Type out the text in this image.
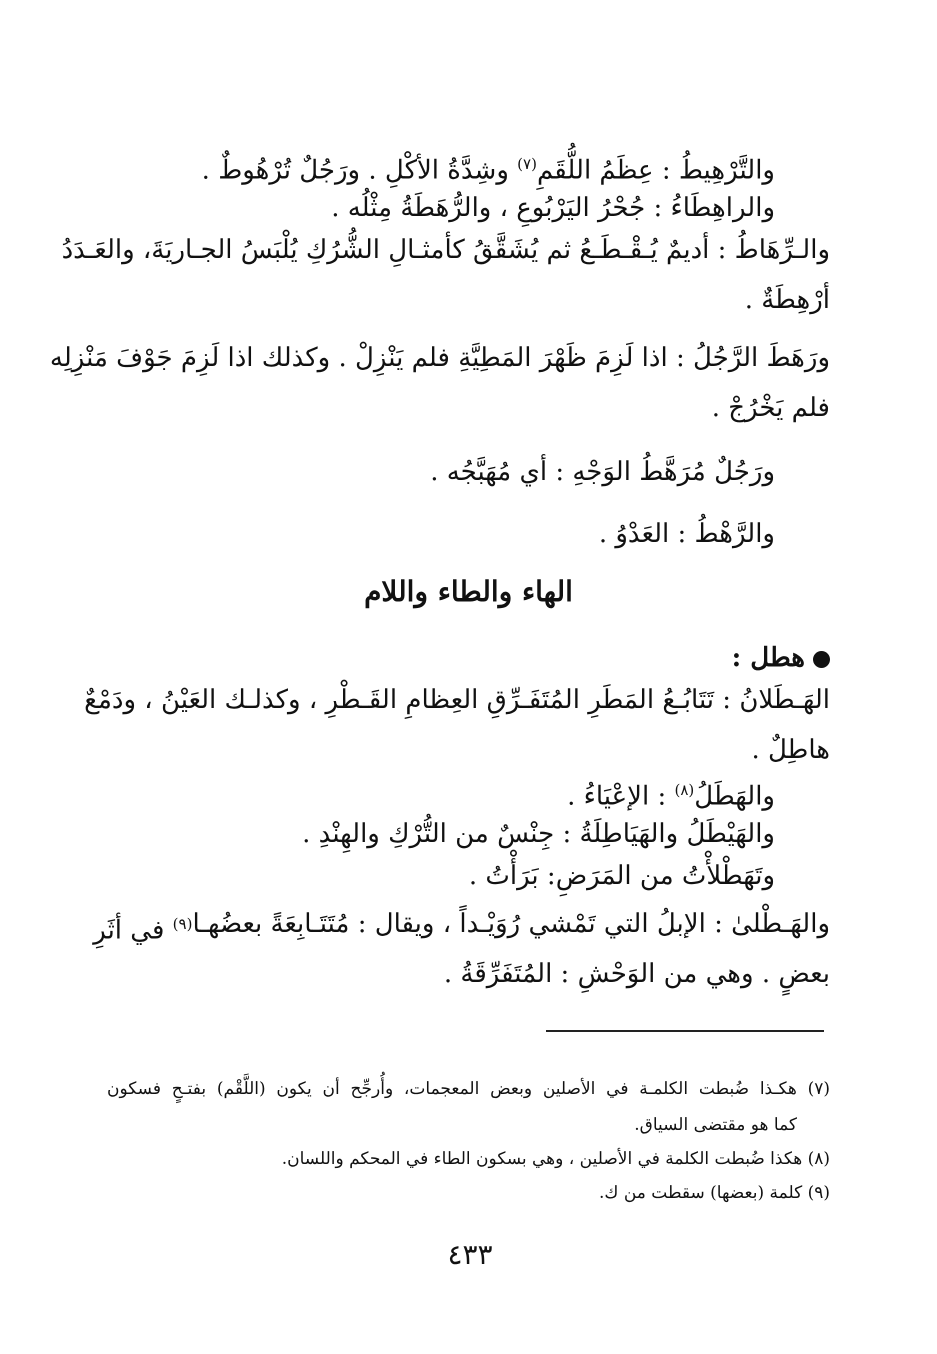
والتَّرْهِيطُ : عِظَمُ اللُّقَمِ$^{(٧)}$ وشِدَّةُ الأكْلِ . ورَجُلٌ تُرْهُوطٌ .
والراهِطَاءُ : جُحْرُ اليَرْبُوعِ ، والرُّهَطَةُ مِثْلُه .
والـرِّهَاطُ : أديمٌ يُـقْـطَـعُ ثم يُشَقَّقُ كأمثـالِ الشُّرُكِ يُلْبَسُ الجـاريَةَ، والعَـدَدُ
أرْهِطَةٌ .
ورَهَطَ الرَّجُلُ : اذا لَزِمَ ظَهْرَ المَطِيَّةِ فلم يَنْزِلْ . وكذلك اذا لَزِمَ جَوْفَ مَنْزِلِه
فلم يَخْرُجْ .
ورَجُلٌ مُرَهَّطُ الوَجْهِ : أي مُهَبَّجُه .
والرَّهْطُ : العَدْوُ .
الهاء والطاء واللام
هطل :
الهَـطَلانُ : تَتَابُـعُ المَطَرِ المُتَفَـرِّقِ العِظامِ القَـطْرِ ، وكذلـك العَيْنُ ، ودَمْعٌ
هاطِلٌ .
والهَطَلُ$^{(٨)}$ : الإعْيَاءُ .
والهَيْطَلُ والهَيَاطِلَةُ : جِنْسٌ من التُّرْكِ والهِنْدِ .
وتَهَطْلأْتُ من المَرَضِ: بَرَأْتُ .
والهَـطْلىٰ : الإبلُ التي تَمْشي رُوَيْـداً ، ويقال : مُتَتَـابِعَةً بعضُهـا
$^{(٩)}$ في أثَرِ
بعضٍ . وهي من الوَحْشِ : المُتَفَرِّقَةُ .
(٧) هكـذا ضُبطت الكلمـة في الأصلين وبعض المعجمات، وأُرجِّح أن يكون (اللَّقْم) بفتـحٍ فسكون
كما هو مقتضى السياق.
(٨) هكذا ضُبطت الكلمة في الأصلين ، وهي بسكون الطاء في المحكم واللسان.
(٩) كلمة (بعضها) سقطت من ك.
٤٣٣
